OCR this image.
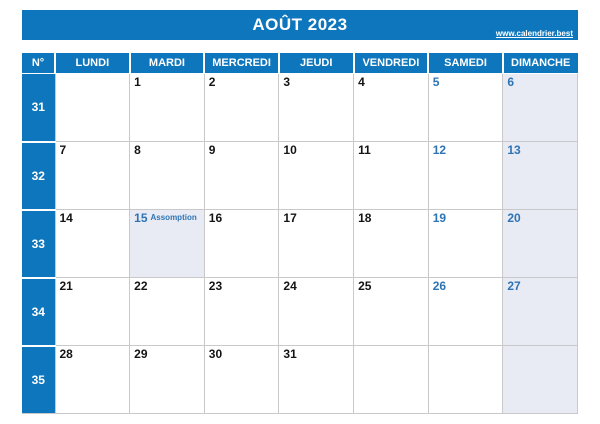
AOÛT 2023	www.calendrier.best
N°	LUNDI	MARDI	MERCREDI	JEUDI	VENDREDI	SAMEDI	DIMANCHE
31		1	2	3	4	5	6
32	7	8	9	10	11	12	13
33	14	15 Assomption	16	17	18	19	20
34	21	22	23	24	25	26	27
35	28	29	30	31			
